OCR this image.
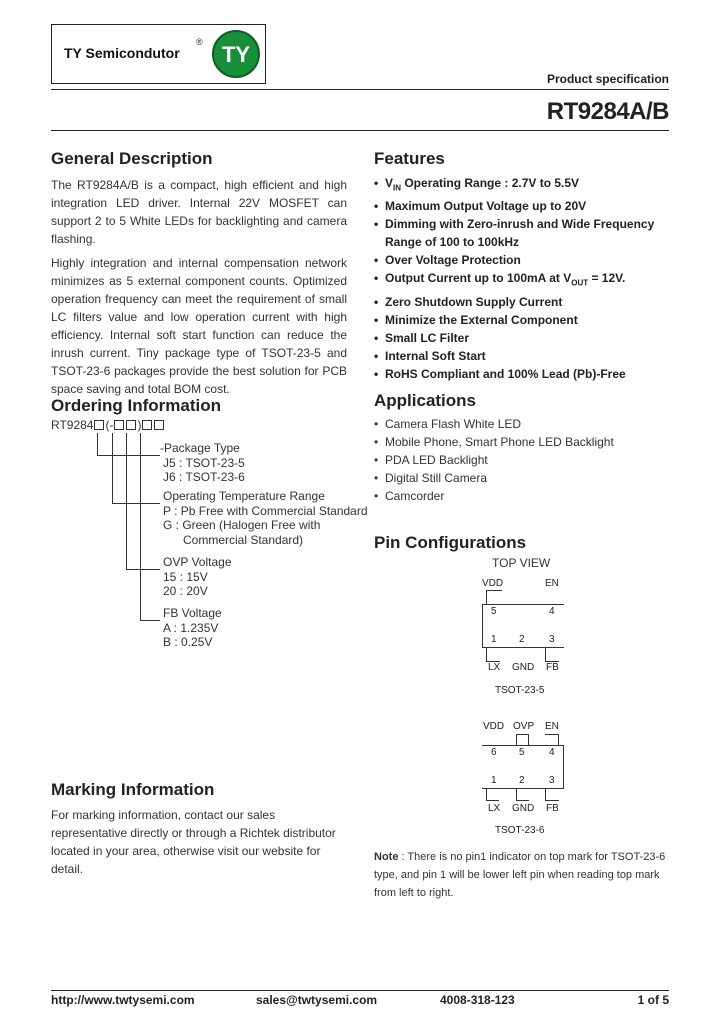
TY Semicondutor
® TY
Product specification
RT9284A/B
General Description

The RT9284A/B is a compact, high efficient and high integration LED driver. Internal 22V MOSFET can support 2 to 5 White LEDs for backlighting and camera flashing.

Highly integration and internal compensation network minimizes as 5 external component counts. Optimized operation frequency can meet the requirement of small LC filters value and low operation current with high efficiency. Internal soft start function can reduce the inrush current. Tiny package type of TSOT-23-5 and TSOT-23-6 packages provide the best solution for PCB space saving and total BOM cost.

Ordering Information
RT9284 (- )
-Package Type
J5 : TSOT-23-5
J6 : TSOT-23-6
Operating Temperature Range
P : Pb Free with Commercial Standard
G : Green (Halogen Free with
Commercial Standard)
OVP Voltage
15 : 15V
20 : 20V
FB Voltage
A : 1.235V
B : 0.25V
Marking Information
For marking information, contact our sales representative directly or through a Richtek distributor located in your area, otherwise visit our website for detail.
Features
• $V_{IN}$ Operating Range : 2.7V to 5.5V
• Maximum Output Voltage up to 20V
• Dimming with Zero-inrush and Wide Frequency Range of 100 to 100kHz
• Over Voltage Protection
• Output Current up to 100mA at $V_{OUT} = 12V$.
• Zero Shutdown Supply Current
• Minimize the External Component
• Small LC Filter
• Internal Soft Start
• RoHS Compliant and 100% Lead (Pb)-Free
Applications
• Camera Flash White LED
• Mobile Phone, Smart Phone LED Backlight
• PDA LED Backlight
• Digital Still Camera
• Camcorder
Pin Configurations
TOP VIEW
VDD	EN
5	4
1 2 3
LX GND FB
TSOT-23-5
VDD OVP EN
6 5 4
1 2 3
LX GND FB
TSOT-23-6
Note : There is no pin1 indicator on top mark for TSOT-23-6 type, and pin 1 will be lower left pin when reading top mark from left to right.
http://www.twtysemi.com	sales@twtysemi.com	4008-318-123	1 of 5
